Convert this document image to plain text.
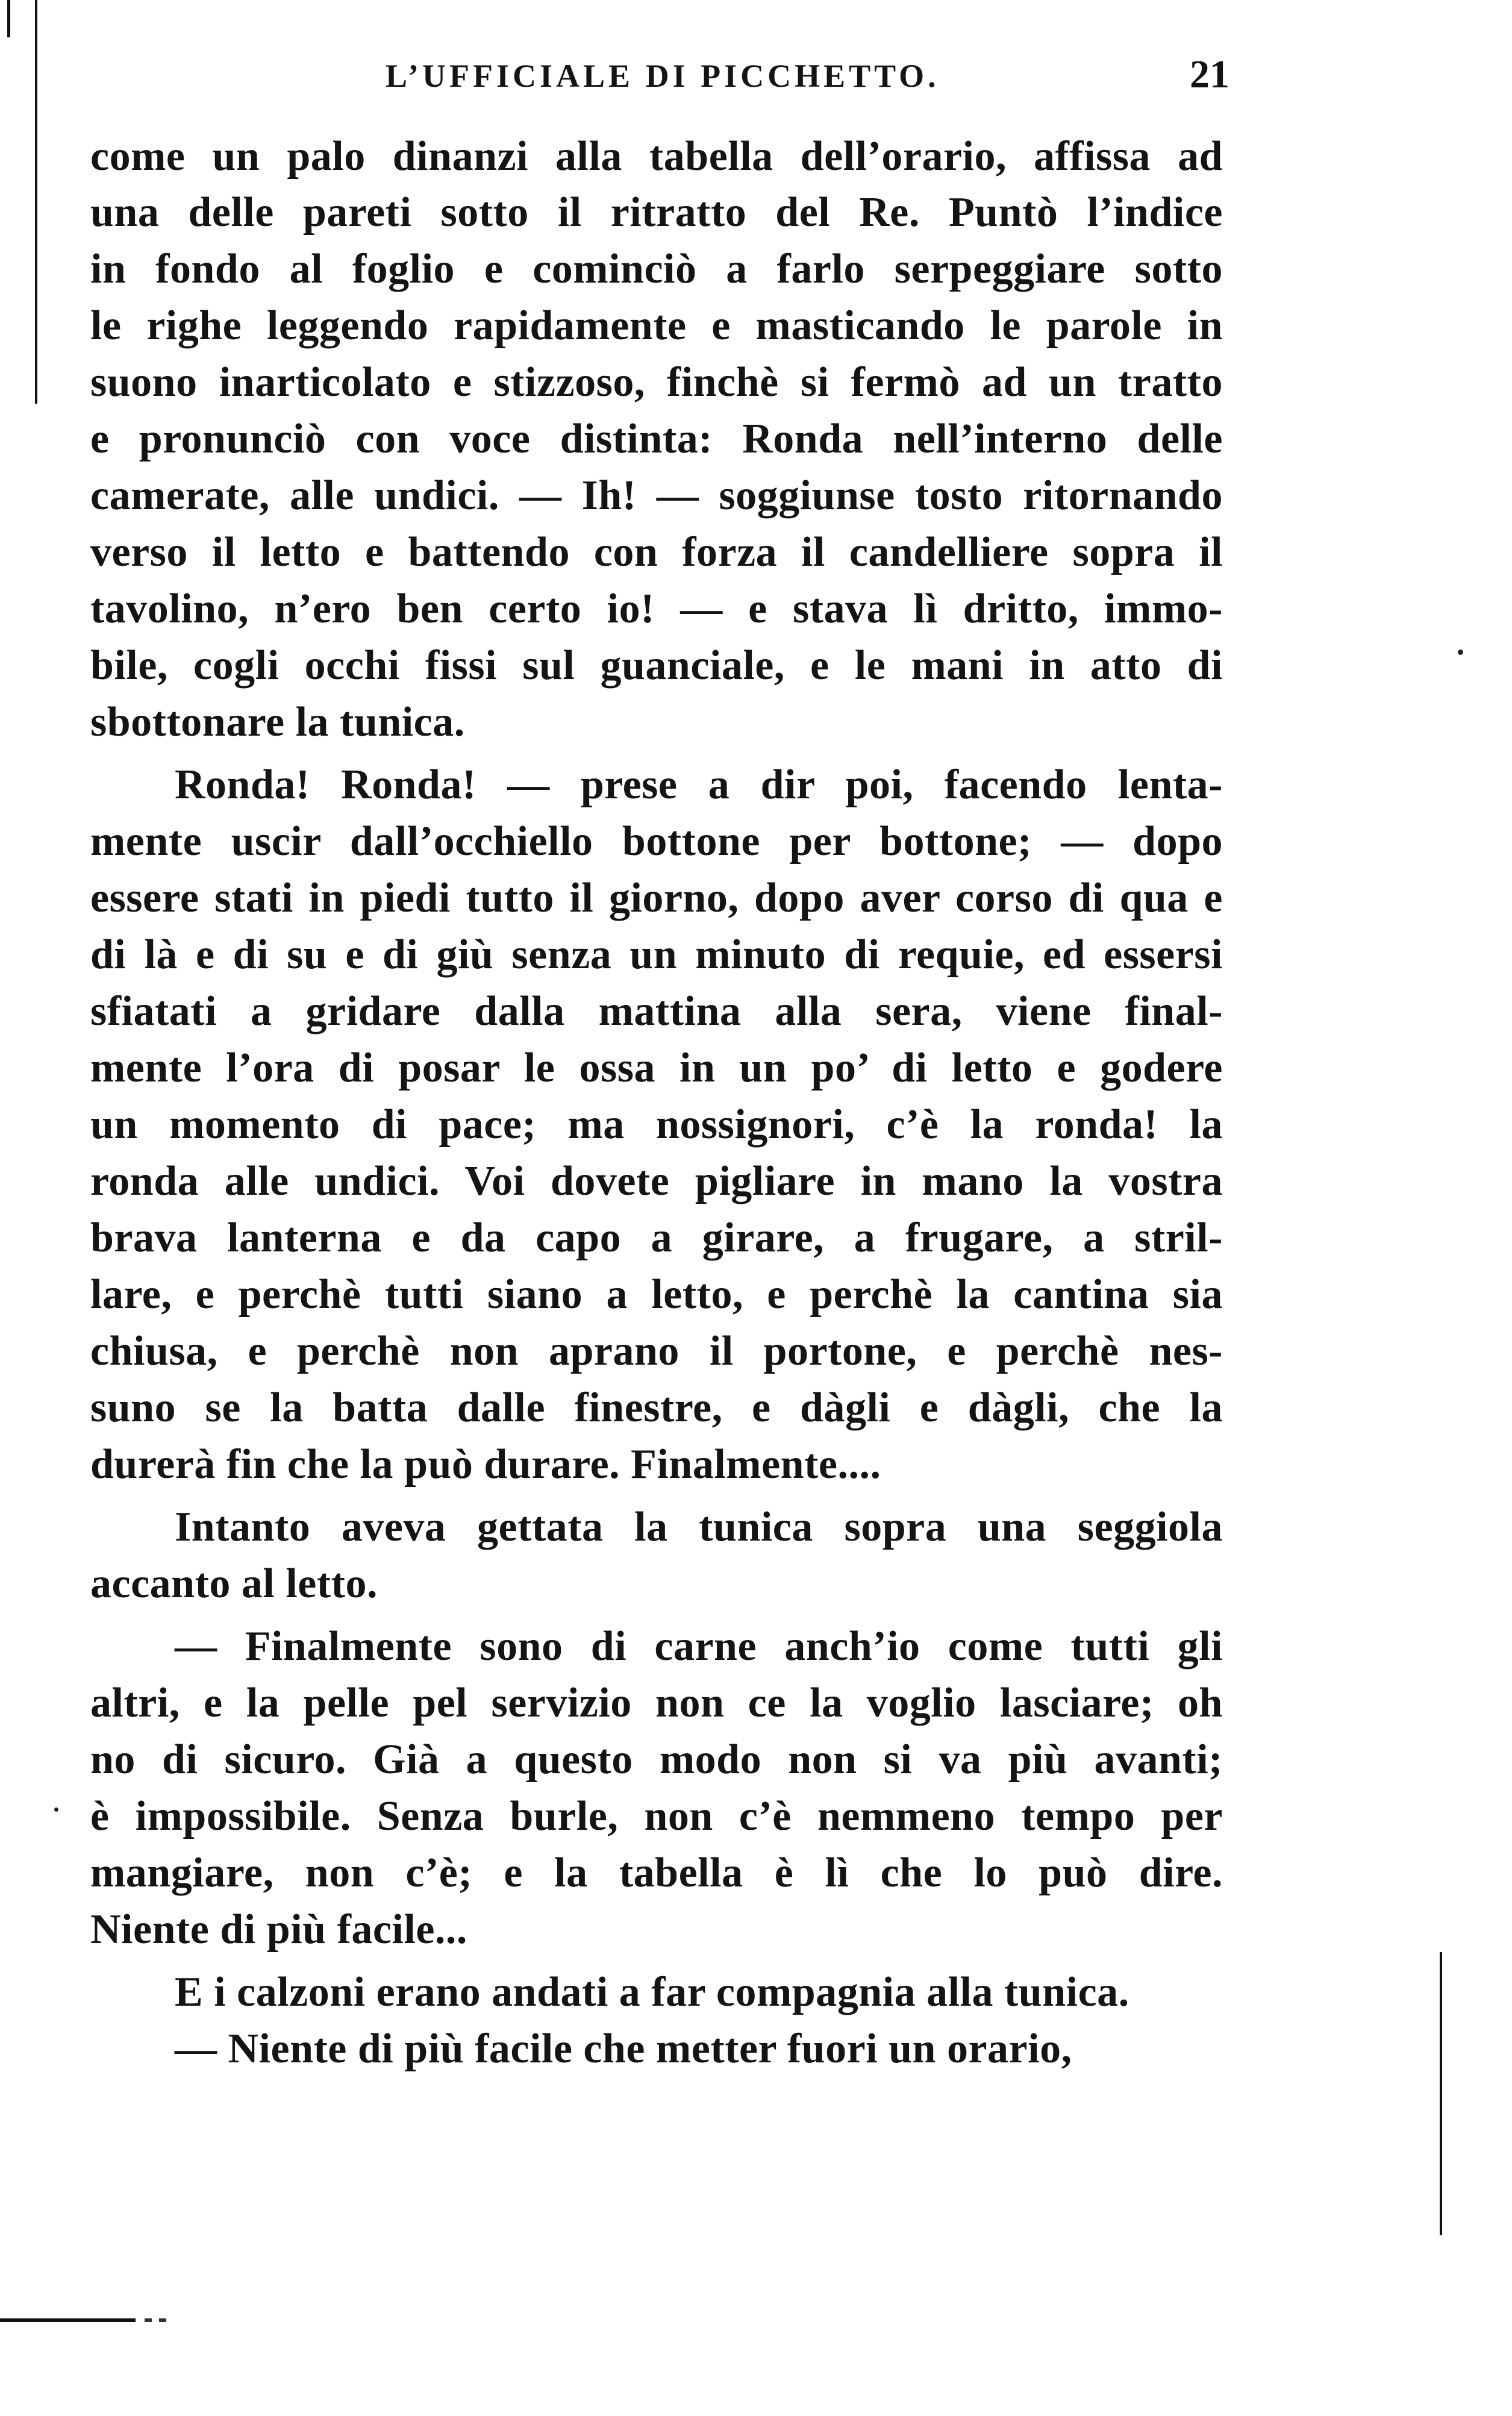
L’UFFICIALE DI PICCHETTO.	21
come un palo dinanzi alla tabella dell’orario, affissa ad
una delle pareti sotto il ritratto del Re. Puntò l’indice
in fondo al foglio e cominciò a farlo serpeggiare sotto
le righe leggendo rapidamente e masticando le parole in
suono inarticolato e stizzoso, finchè si fermò ad un tratto
e pronunciò con voce distinta: Ronda nell’interno delle
camerate, alle undici. — Ih! — soggiunse tosto ritornando
verso il letto e battendo con forza il candelliere sopra il
tavolino, n’ero ben certo io! — e stava lì dritto, immo-
bile, cogli occhi fissi sul guanciale, e le mani in atto di
sbottonare la tunica.
Ronda! Ronda! — prese a dir poi, facendo lenta-
mente uscir dall’occhiello bottone per bottone; — dopo
essere stati in piedi tutto il giorno, dopo aver corso di qua e
di là e di su e di giù senza un minuto di requie, ed essersi
sfiatati a gridare dalla mattina alla sera, viene final-
mente l’ora di posar le ossa in un po’ di letto e godere
un momento di pace; ma nossignori, c’è la ronda! la
ronda alle undici. Voi dovete pigliare in mano la vostra
brava lanterna e da capo a girare, a frugare, a stril-
lare, e perchè tutti siano a letto, e perchè la cantina sia
chiusa, e perchè non aprano il portone, e perchè nes-
suno se la batta dalle finestre, e dàgli e dàgli, che la
durerà fin che la può durare. Finalmente....
Intanto aveva gettata la tunica sopra una seggiola
accanto al letto.
— Finalmente sono di carne anch’io come tutti gli
altri, e la pelle pel servizio non ce la voglio lasciare; oh
no di sicuro. Già a questo modo non si va più avanti;
è impossibile. Senza burle, non c’è nemmeno tempo per
mangiare, non c’è; e la tabella è lì che lo può dire.
Niente di più facile...
E i calzoni erano andati a far compagnia alla tunica.
— Niente di più facile che metter fuori un orario,
